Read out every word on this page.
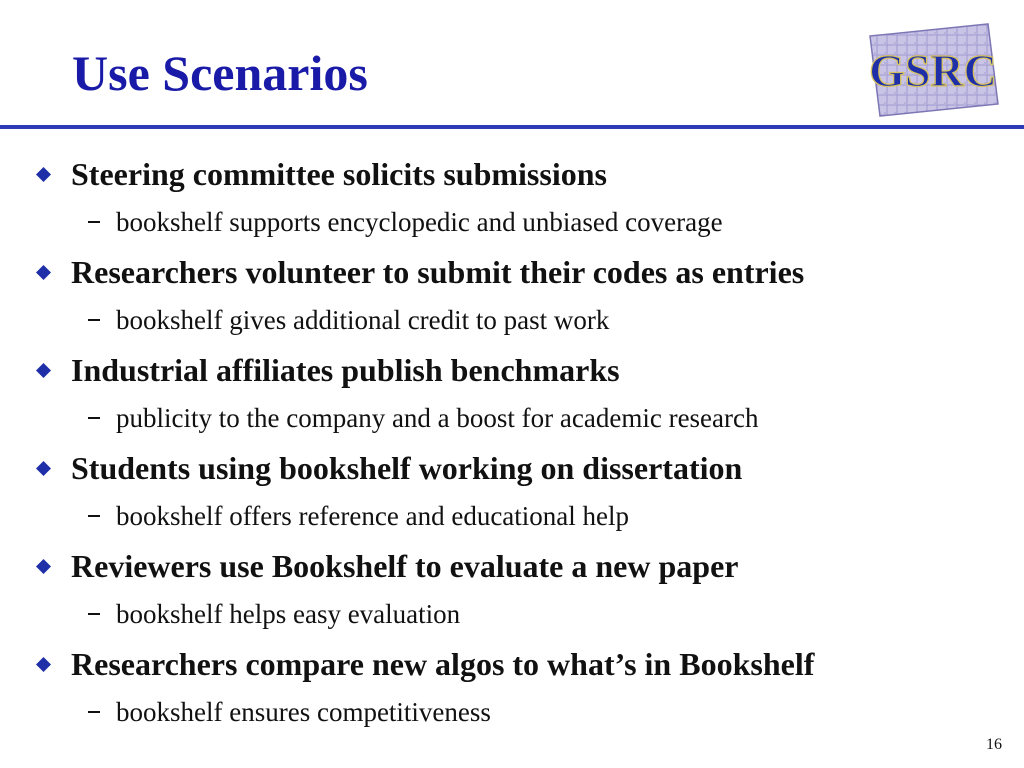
Use Scenarios	GSRC
Steering committee solicits submissions
bookshelf supports encyclopedic and unbiased coverage
Researchers volunteer to submit their codes as entries
bookshelf gives additional credit to past work
Industrial affiliates publish benchmarks
publicity to the company and a boost for academic research
Students using bookshelf working on dissertation
bookshelf offers reference and educational help
Reviewers use Bookshelf to evaluate a new paper
bookshelf helps easy evaluation
Researchers compare new algos to what’s in Bookshelf
bookshelf ensures competitiveness
16
